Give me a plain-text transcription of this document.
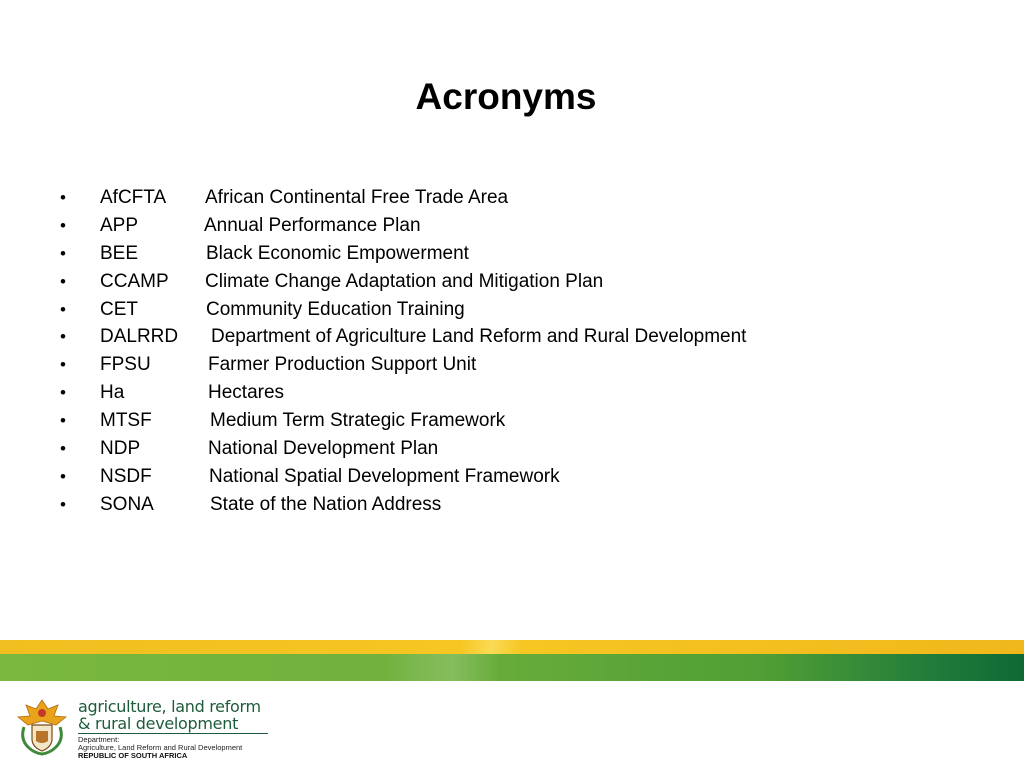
Acronyms
• AfCFTA African Continental Free Trade Area
• APP	Annual Performance Plan
• BEE	Black Economic Empowerment
• CCAMP Climate Change Adaptation and Mitigation Plan
• CET	Community Education Training
• DALRRD Department of Agriculture Land Reform and Rural Development
• FPSU	Farmer Production Support Unit
• Ha	Hectares
• MTSF	Medium Term Strategic Framework
• NDP	National Development Plan
• NSDF	National Spatial Development Framework
• SONA	State of the Nation Address
agriculture, land reform
& rural development
Department:
Agriculture, Land Reform and Rural Development
REPUBLIC OF SOUTH AFRICA
